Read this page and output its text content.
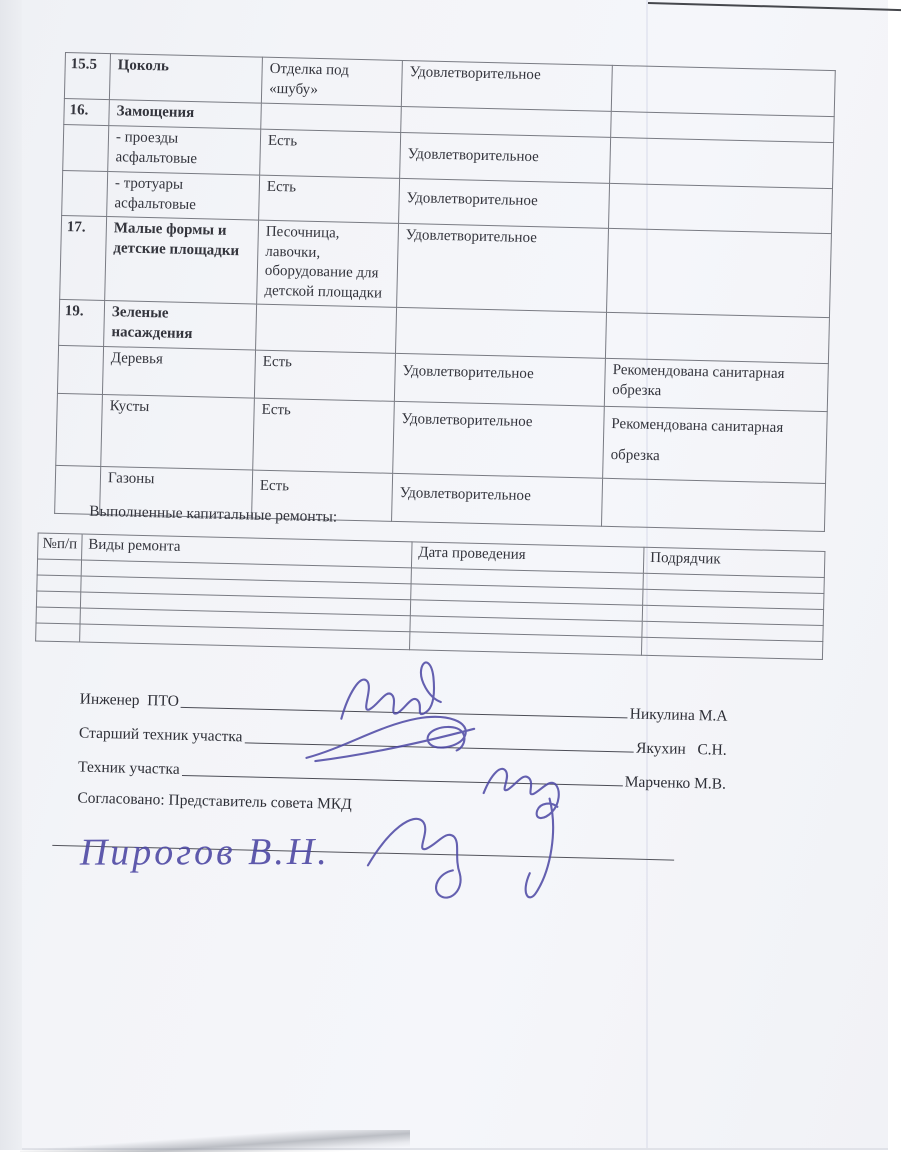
15.5	Цоколь	Отделка под «шубу»	Удовлетворительное	
16.	Замощения			
	- проезды асфальтовые	Есть	Удовлетворительное	
	- тротуары асфальтовые	Есть	Удовлетворительное	
17.	Малые формы и детские площадки	Песочница, лавочки, оборудование для детской площадки	Удовлетворительное	
19.	Зеленые насаждения			
	Деревья	Есть	Удовлетворительное	Рекомендована санитарная обрезка
	Кусты	Есть	Удовлетворительное	Рекомендована санитарная обрезка
	Газоны	Есть	Удовлетворительное	
Выполненные капитальные ремонты:
№п/п	Виды ремонта	Дата проведения	Подрядчик

Инженер  ПТО
Никулина М.А
Старший техник участка
Якухин   С.Н.
Техник участка
Марченко М.В.
Согласовано: Представитель совета МКД
Пирогов В.Н.
